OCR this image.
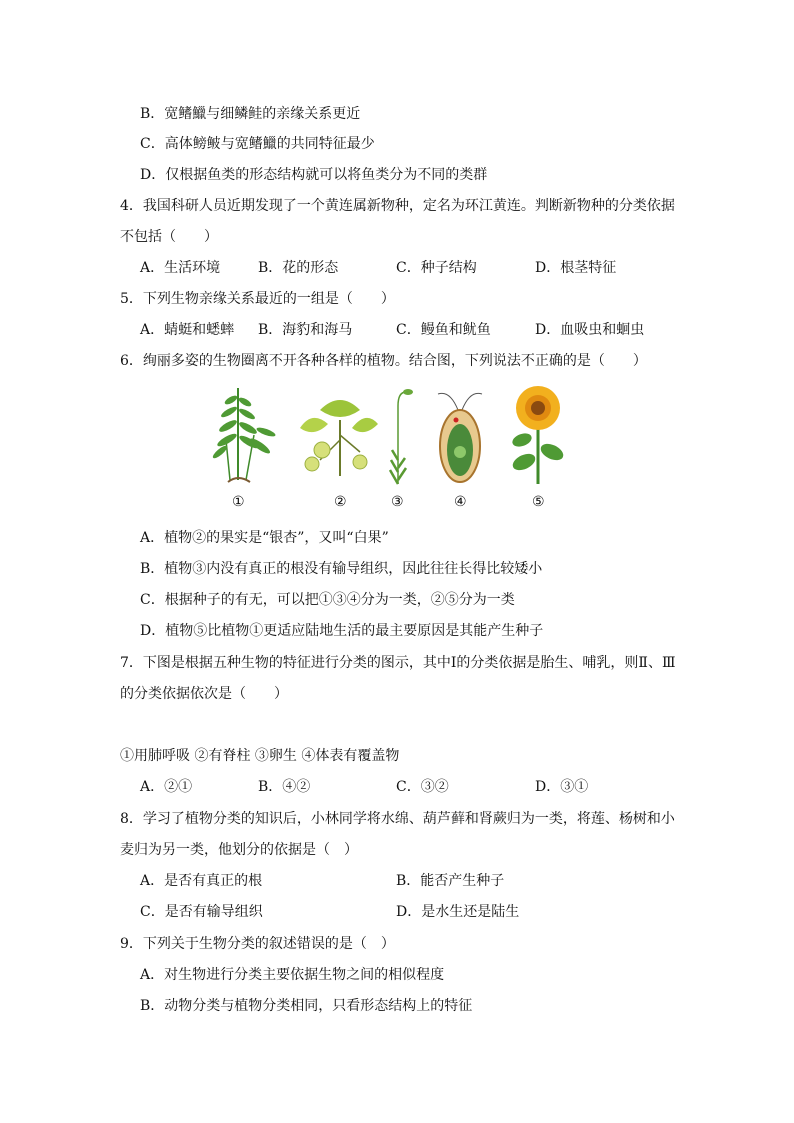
B．宽鳍鱲与细鳞鲑的亲缘关系更近
C．高体鳑鲏与宽鳍鱲的共同特征最少
D．仅根据鱼类的形态结构就可以将鱼类分为不同的类群
4．我国科研人员近期发现了一个黄连属新物种，定名为环江黄连。判断新物种的分类依据
不包括（　　）
A．生活环境	B．花的形态	C．种子结构	D．根茎特征
5．下列生物亲缘关系最近的一组是（　　）
A．蜻蜓和蟋蟀 B．海豹和海马	C．鳗鱼和鱿鱼	D．血吸虫和蛔虫
6．绚丽多姿的生物圈离不开各种各样的植物。结合图，下列说法不正确的是（　　）
①	②	③	④	⑤
A．植物②的果实是“银杏”，又叫“白果”
B．植物③内没有真正的根没有输导组织，因此往往长得比较矮小
C．根据种子的有无，可以把①③④分为一类，②⑤分为一类
D．植物⑤比植物①更适应陆地生活的最主要原因是其能产生种子
7．下图是根据五种生物的特征进行分类的图示，其中Ⅰ的分类依据是胎生、哺乳，则Ⅱ、Ⅲ
的分类依据依次是（　　）
①用肺呼吸 ②有脊柱 ③卵生 ④体表有覆盖物
A．②①	B．④②	C．③②	D．③①
8．学习了植物分类的知识后，小林同学将水绵、葫芦藓和肾蕨归为一类，将莲、杨树和小
麦归为另一类，他划分的依据是（　）
A．是否有真正的根	B．能否产生种子
C．是否有输导组织	D．是水生还是陆生
9．下列关于生物分类的叙述错误的是（　）
A．对生物进行分类主要依据生物之间的相似程度
B．动物分类与植物分类相同，只看形态结构上的特征
